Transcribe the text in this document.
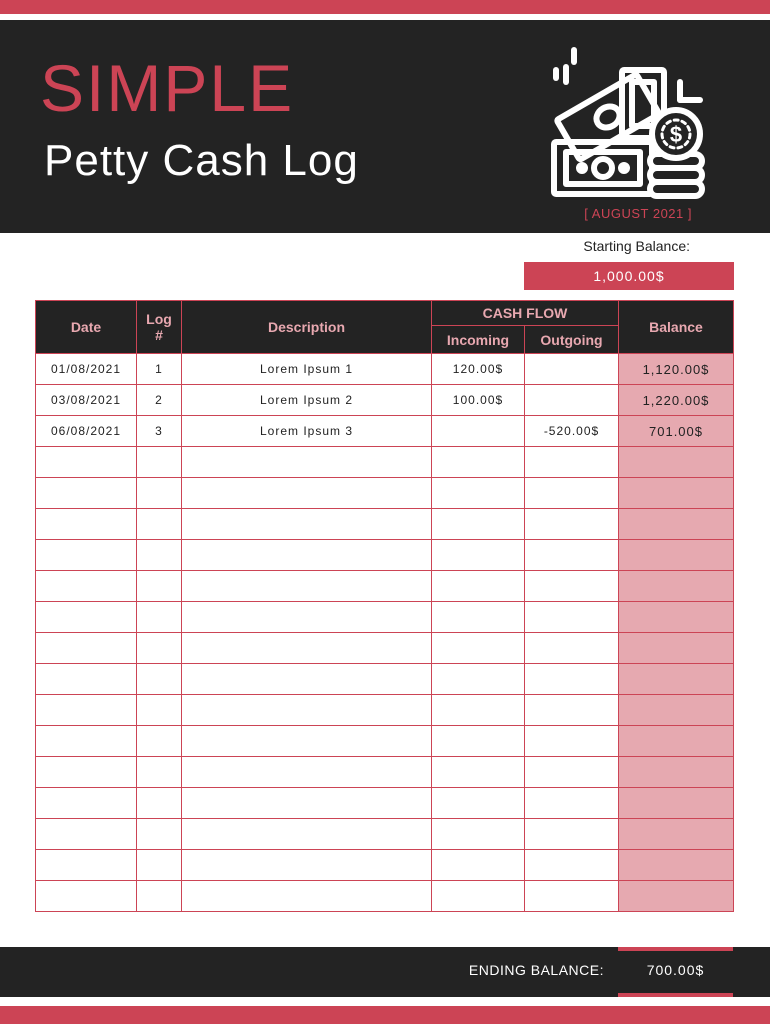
SIMPLE
Petty Cash Log
$
[ AUGUST 2021 ]
Starting Balance:
1,000.00$
Date	Log #	Description	CASH FLOW		Balance
			Incoming	Outgoing	
01/08/2021	1	Lorem Ipsum 1	120.00$		1,120.00$
03/08/2021	2	Lorem Ipsum 2	100.00$		1,220.00$
06/08/2021	3	Lorem Ipsum 3		-520.00$	701.00$

ENDING BALANCE:	700.00$
